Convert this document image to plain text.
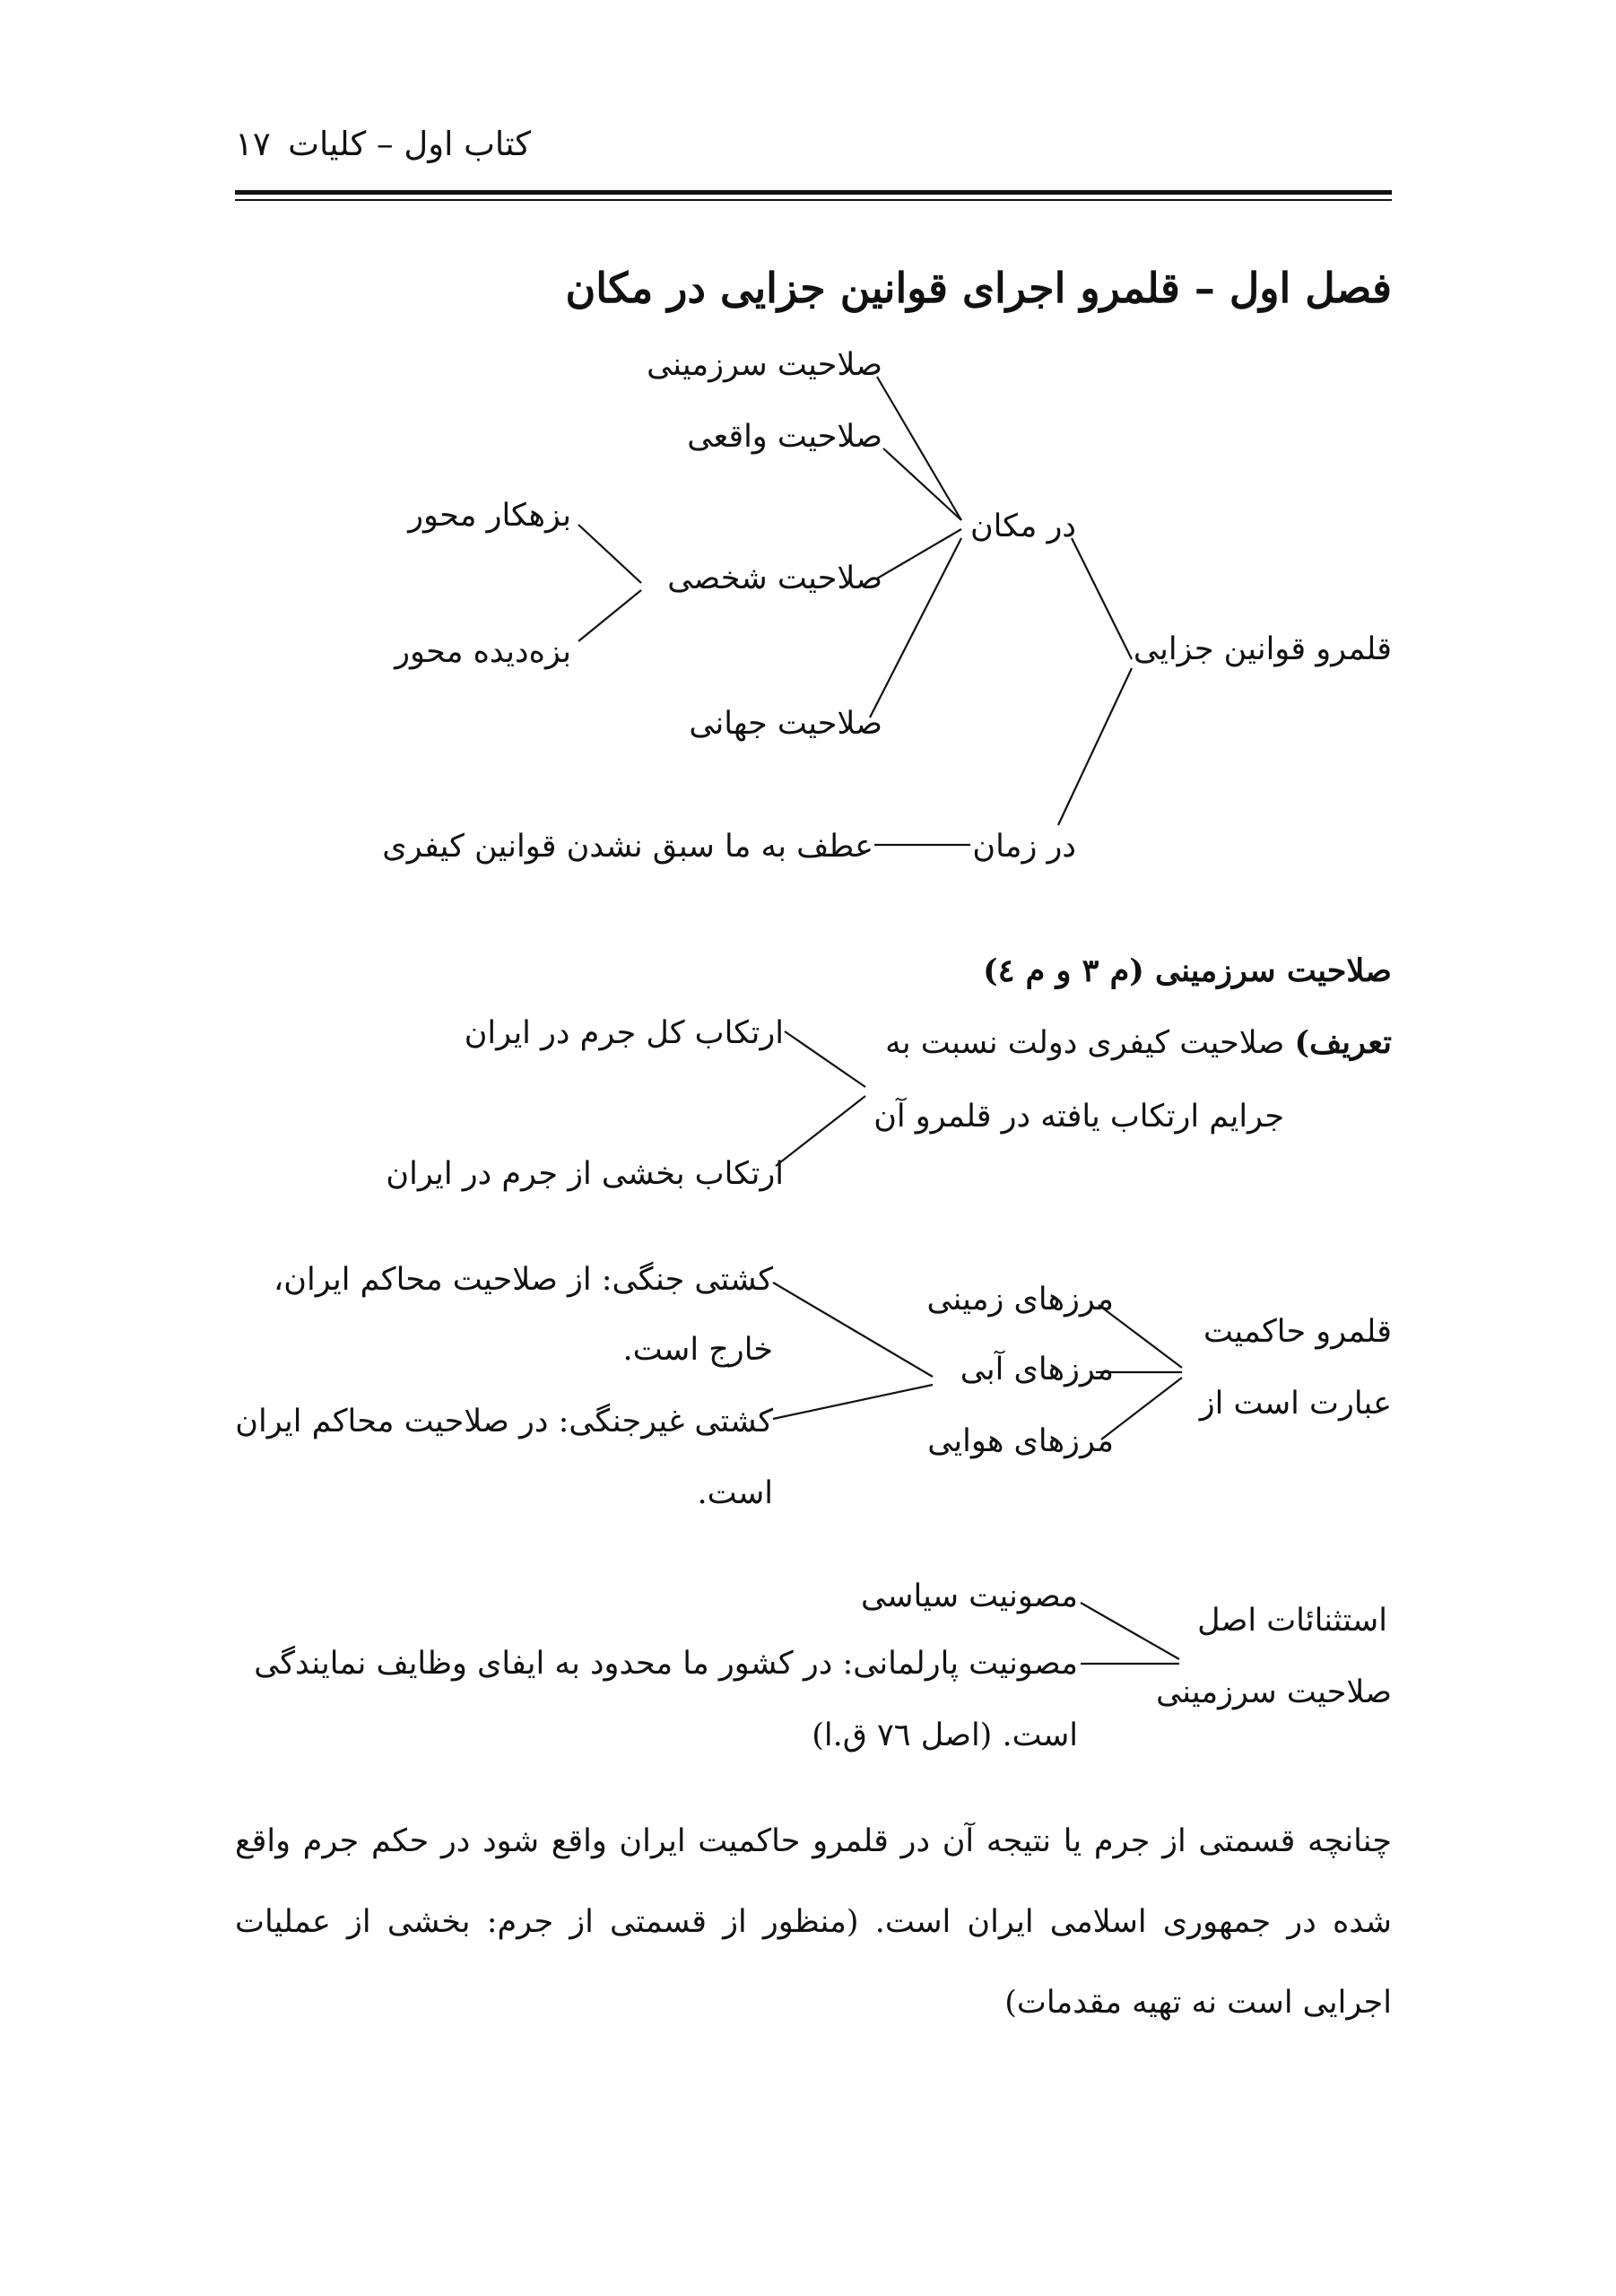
کتاب اول – کلیات
۱۷
فصل اول – قلمرو اجرای قوانین جزایی در مکان
صلاحیت سرزمینی
صلاحیت واقعی
بزهکار محور	در مکان
صلاحیت شخصی
قلمرو قوانین جزایی
بزه‌دیده محور
صلاحیت جهانی
در زمان
عطف به ما سبق نشدن قوانین کیفری
صلاحیت سرزمینی (م ۳ و م ٤)
تعریف) صلاحیت کیفری دولت نسبت به
جرایم ارتکاب یافته در قلمرو آن
ارتکاب کل جرم در ایران
ارتکاب بخشی از جرم در ایران
قلمرو حاکمیت
عبارت است از
مرزهای زمینی
مرزهای آبی
مرزهای هوایی
کشتی جنگی: از صلاحیت محاکم ایران،
خارج است.
کشتی غیرجنگی: در صلاحیت محاکم ایران
است.
استثنائات اصل
صلاحیت سرزمینی
مصونیت سیاسی
مصونیت پارلمانی: در کشور ما محدود به ایفای وظایف نمایندگی
است. (اصل ٧٦ ق.ا)
چنانچه قسمتی از جرم یا نتیجه آن در قلمرو حاکمیت ایران واقع شود در حکم جرم واقع شده در جمهوری اسلامی ایران است. (منظور از قسمتی از جرم: بخشی از عملیات اجرایی است نه تهیه مقدمات)
